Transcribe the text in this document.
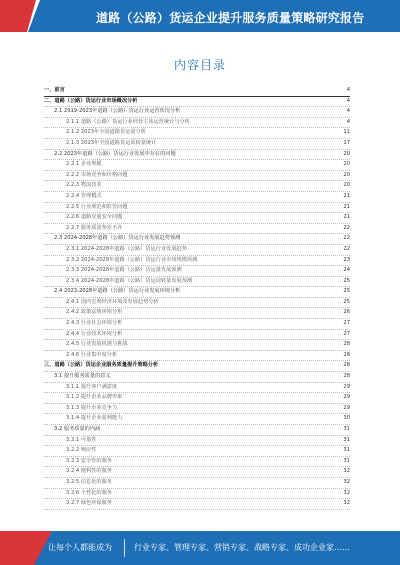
道路（公路）货运企业提升服务质量策略研究报告
内容目录
一、前言	4
二、道路（公路）货运行业市场概况分析	4
2.1 2019-2023年道路（公路）货运行业运营状况分析	4
2.1.1 道路（公路）货运行业经营主体运营统计与分析	4
2.1.2 2023年全国道路货运量分析	11
2.1.3 2023年全国道路货运周转量统计	17
2.2 2023年道路（公路）货运行业发展中存在的问题	20
2.2.1 企业规模	20
2.2.2 市场竞争和价格问题	20
2.2.3 物流技术	20
2.2.4 管理模式	21
2.2.5 行业规范和监管问题	21
2.2.6 道路交通安全问题	21
2.2.7 服务质量参差不齐	22
2.3 2024-2028年道路（公路）货运行业发展趋势预测	22
2.3.1 2024-2028年道路（公路）货运行业发展趋势	22
2.3.2 2024-2028年道路（公路）货运行业市场规模预测	23
2.3.3 2024-2028年道路（公路）货运量发展预测	24
2.3.4 2024-2028年道路（公路）货运周转量发展预测	25
2.4 2023-2028年道路（公路）货运行业发展环境分析	25
2.4.1 国内宏观经济环境及发展趋势分析	25
2.4.2 政策法规环境分析	26
2.4.3 行业社会环境分析	27
2.4.4 行业技术环境分析	27
2.4.5 行业发展机遇与挑战	28
2.4.6 行业集中度分析	28
三、道路（公路）货运企业服务质量提升策略分析	28
3.1 提升服务质量的意义	28
3.1.1 提升客户满意度	29
3.1.2 提升企业品牌形象	29
3.1.3 提升企业竞争力	29
3.1.4 提升企业盈利能力	30
3.2 服务质量的内涵	31
3.2.1 可靠性	31
3.2.2 响应性	31
3.2.3 安全性的服务	31
3.2.4 便利性的服务	32
3.2.5 信息化的服务	32
3.2.6 个性化的服务	32
3.2.7 绿色环保服务	32
让每个人都能成为	行业专家、管理专家、营销专家、战略专家、成功企业家……
